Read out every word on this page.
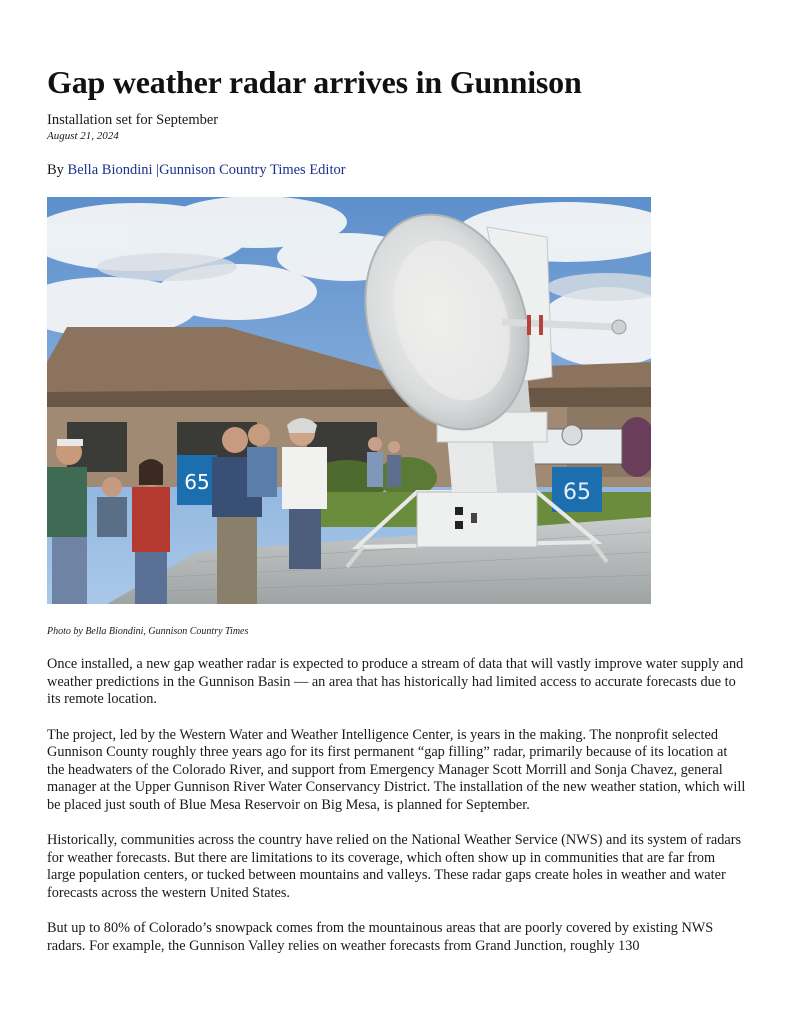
Gap weather radar arrives in Gunnison
Installation set for September
August 21, 2024
By Bella Biondini |Gunnison Country Times Editor
65	65
Photo by Bella Biondini, Gunnison Country Times

Once installed, a new gap weather radar is expected to produce a stream of data that will vastly improve water supply and weather predictions in the Gunnison Basin — an area that has historically had limited access to accurate forecasts due to its remote location.

The project, led by the Western Water and Weather Intelligence Center, is years in the making. The nonprofit selected Gunnison County roughly three years ago for its first permanent “gap filling” radar, primarily because of its location at the headwaters of the Colorado River, and support from Emergency Manager Scott Morrill and Sonja Chavez, general manager at the Upper Gunnison River Water Conservancy District. The installation of the new weather station, which will be placed just south of Blue Mesa Reservoir on Big Mesa, is planned for September.

Historically, communities across the country have relied on the National Weather Service (NWS) and its system of radars for weather forecasts. But there are limitations to its coverage, which often show up in communities that are far from large population centers, or tucked between mountains and valleys. These radar gaps create holes in weather and water forecasts across the western United States.

But up to 80% of Colorado’s snowpack comes from the mountainous areas that are poorly covered by existing NWS radars. For example, the Gunnison Valley relies on weather forecasts from Grand Junction, roughly 130
